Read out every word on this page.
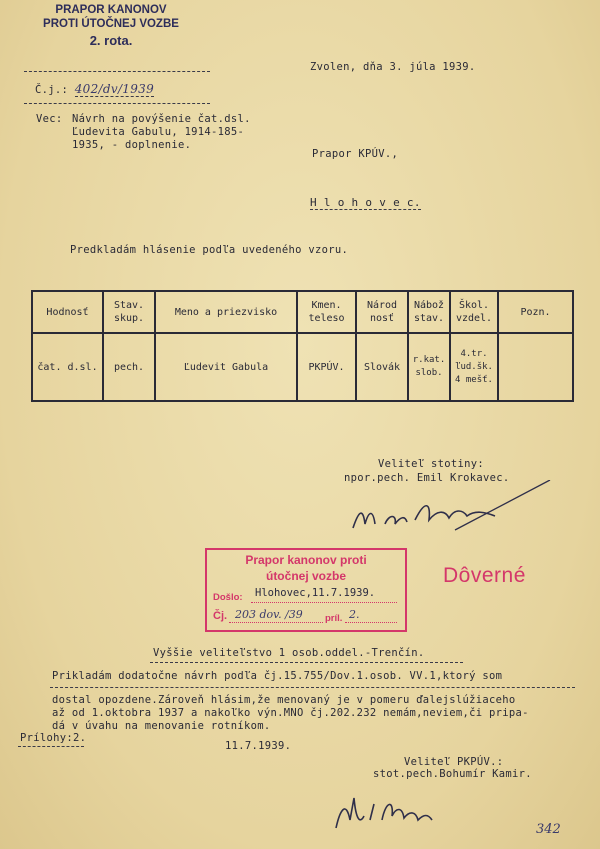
PRAPOR KANONOV
PROTI ÚTOČNEJ VOZBE
2. rota.
Č.j.: 402/dv/1939
Zvolen, dňa 3. júla 1939.
Vec: Návrh na povýšenie čat.dsl.
Ľudevita Gabulu, 1914-185-
1935, - doplnenie.
Prapor KPÚV.,
H l o h o v e c.
Predkladám hlásenie podľa uvedeného vzoru.
Hodnosť	Stav. skup.	Meno a priezvisko	Kmen. teleso	Národ nosť	Nábož stav.	Škol. vzdel.	Pozn.
čat. d.sl.	pech.	Ľudevit Gabula	PKPÚV.	Slovák	r.kat. slob.	4.tr. ľud.šk. 4 mešť.	
Veliteľ stotiny:
npor.pech. Emil Krokavec.
Prapor kanonov proti
útočnej vozbe
Došlo: Hlohovec,11.7.1939.
Čj. 203 dov. /39 príl. 2.
Dôverné
Vyššie veliteľstvo 1 osob.oddel.-Trenčín.
Prikladám dodatočne návrh podľa čj.15.755/Dov.1.osob. VV.1,ktorý som
dostal opozdene.Zároveň hlásim,že menovaný je v pomeru ďalejslúžiaceho
až od 1.oktobra 1937 a nakoľko výn.MNO čj.202.232 nemám,neviem,či pripa-
dá v úvahu na menovanie rotníkom.
Prílohy:2.
11.7.1939.
Veliteľ PKPÚV.:
stot.pech.Bohumír Kamir.
342
